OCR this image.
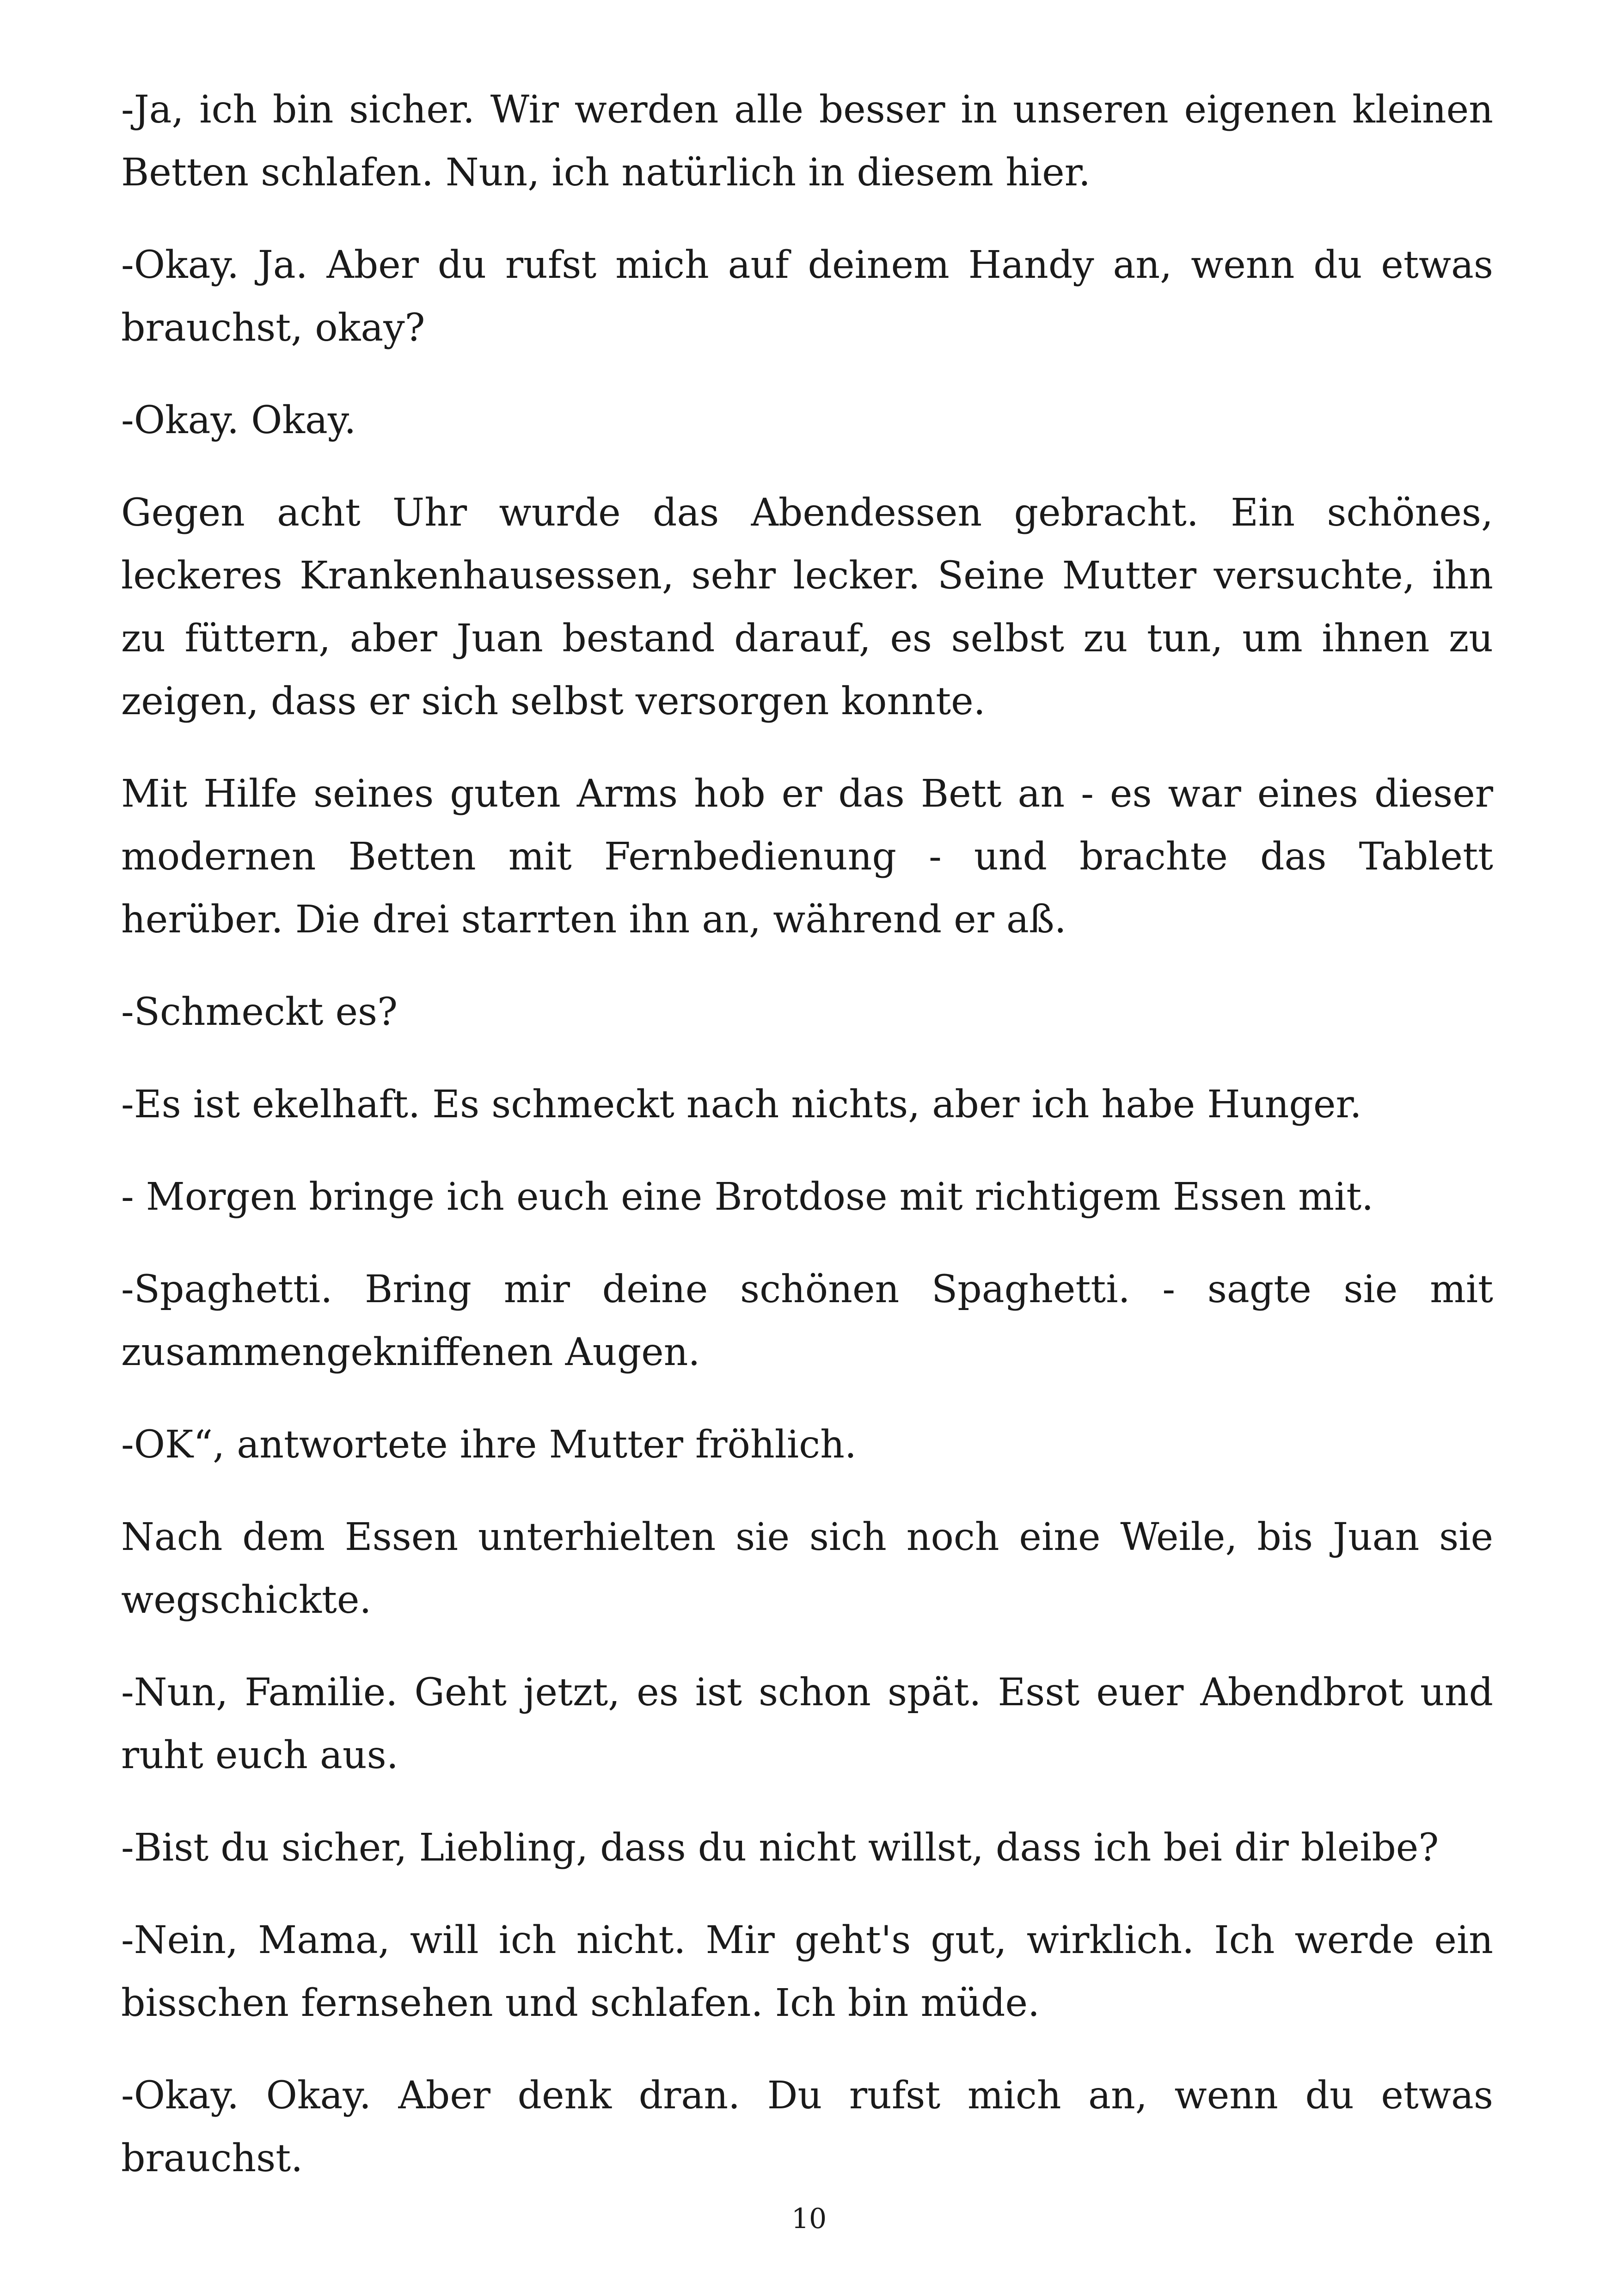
-Ja, ich bin sicher. Wir werden alle besser in unseren eigenen kleinen Betten schlafen. Nun, ich natürlich in diesem hier.

-Okay. Ja. Aber du rufst mich auf deinem Handy an, wenn du etwas brauchst, okay?

-Okay. Okay.

Gegen acht Uhr wurde das Abendessen gebracht. Ein schönes, leckeres Krankenhausessen, sehr lecker. Seine Mutter versuchte, ihn zu füttern, aber Juan bestand darauf, es selbst zu tun, um ihnen zu zeigen, dass er sich selbst versorgen konnte.

Mit Hilfe seines guten Arms hob er das Bett an - es war eines dieser modernen Betten mit Fernbedienung - und brachte das Tablett herüber. Die drei starrten ihn an, während er aß.

-Schmeckt es?

-Es ist ekelhaft. Es schmeckt nach nichts, aber ich habe Hunger.

- Morgen bringe ich euch eine Brotdose mit richtigem Essen mit.

-Spaghetti. Bring mir deine schönen Spaghetti. - sagte sie mit zusammengekniffenen Augen.

-OK“, antwortete ihre Mutter fröhlich.

Nach dem Essen unterhielten sie sich noch eine Weile, bis Juan sie wegschickte.

-Nun, Familie. Geht jetzt, es ist schon spät. Esst euer Abendbrot und ruht euch aus.

-Bist du sicher, Liebling, dass du nicht willst, dass ich bei dir bleibe?

-Nein, Mama, will ich nicht. Mir geht's gut, wirklich. Ich werde ein bisschen fernsehen und schlafen. Ich bin müde.

-Okay. Okay. Aber denk dran. Du rufst mich an, wenn du etwas brauchst.

10
